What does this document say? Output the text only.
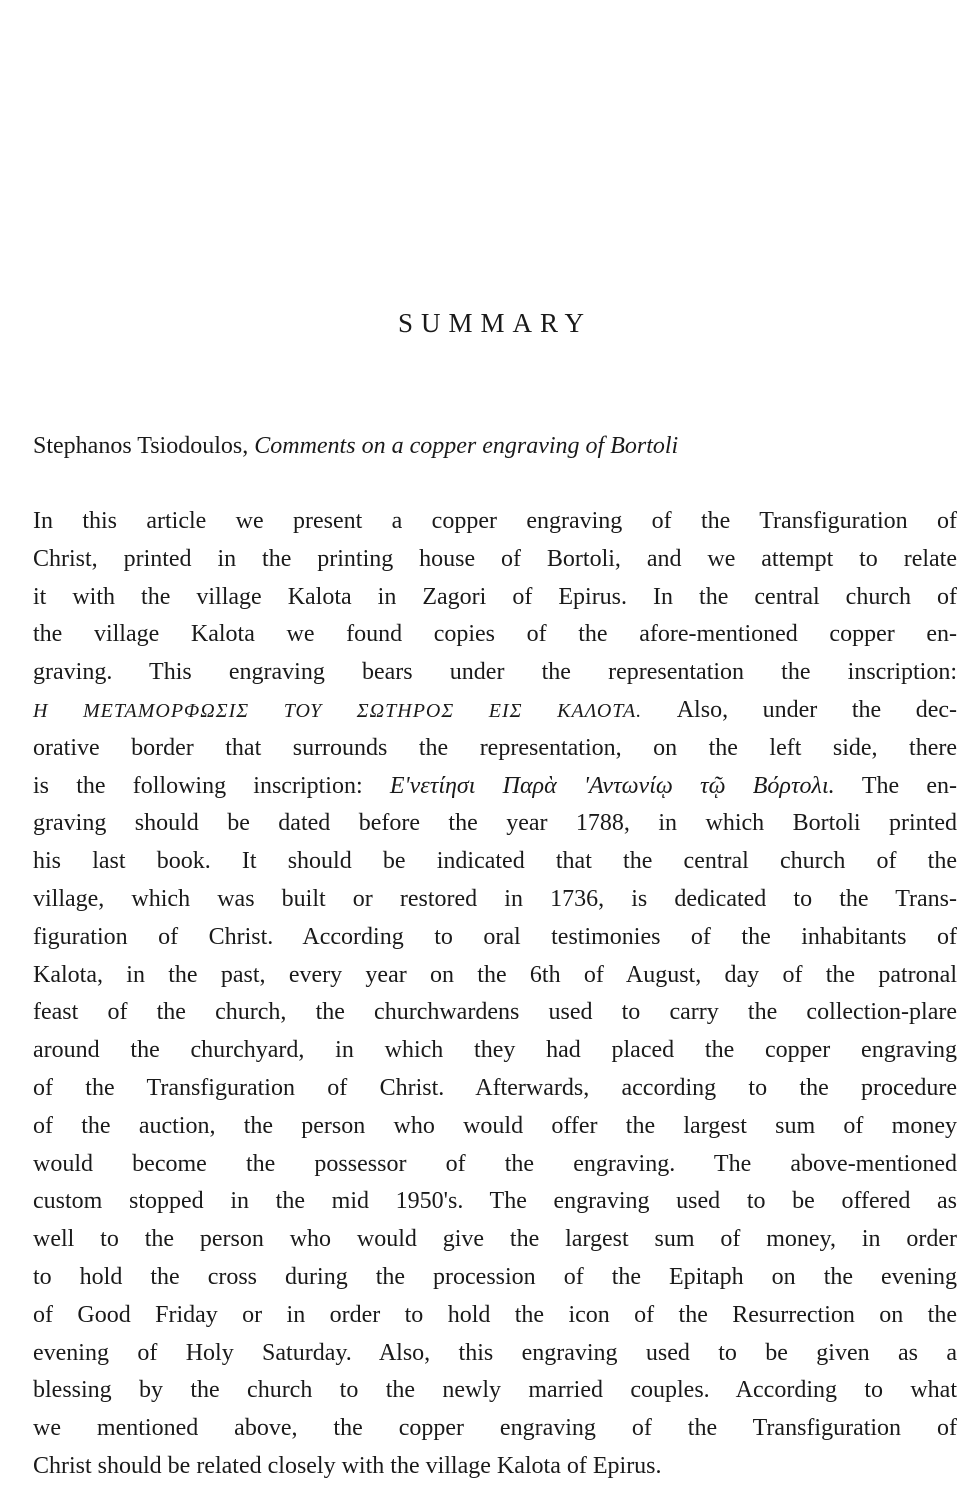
SUMMARY

Stephanos Tsiodoulos, Comments on a copper engraving of Bortoli

In this article we present a copper engraving of the Transfiguration of
Christ, printed in the printing house of Bortoli, and we attempt to relate
it with the village Kalota in Zagori of Epirus. In the central church of
the village Kalota we found copies of the afore-mentioned copper en-
graving. This engraving bears under the representation the inscription:
Η ΜΕΤΑΜΟΡΦΩΣΙΣ ΤΟΥ ΣΩΤΗΡΟΣ ΕΙΣ ΚΑΛΟΤΑ. Also, under the dec-
orative border that surrounds the representation, on the left side, there
is the following inscription: Ε'νετίησι Παρὰ 'Αντωνίῳ τῷ Βόρτολι. The en-
graving should be dated before the year 1788, in which Bortoli printed
his last book. It should be indicated that the central church of the
village, which was built or restored in 1736, is dedicated to the Trans-
figuration of Christ. According to oral testimonies of the inhabitants of
Kalota, in the past, every year on the 6th of August, day of the patronal
feast of the church, the churchwardens used to carry the collection-plare
around the churchyard, in which they had placed the copper engraving
of the Transfiguration of Christ. Afterwards, according to the procedure
of the auction, the person who would offer the largest sum of money
would become the possessor of the engraving. The above-mentioned
custom stopped in the mid 1950's. The engraving used to be offered as
well to the person who would give the largest sum of money, in order
to hold the cross during the procession of the Epitaph on the evening
of Good Friday or in order to hold the icon of the Resurrection on the
evening of Holy Saturday. Also, this engraving used to be given as a
blessing by the church to the newly married couples. According to what
we mentioned above, the copper engraving of the Transfiguration of
Christ should be related closely with the village Kalota of Epirus.
